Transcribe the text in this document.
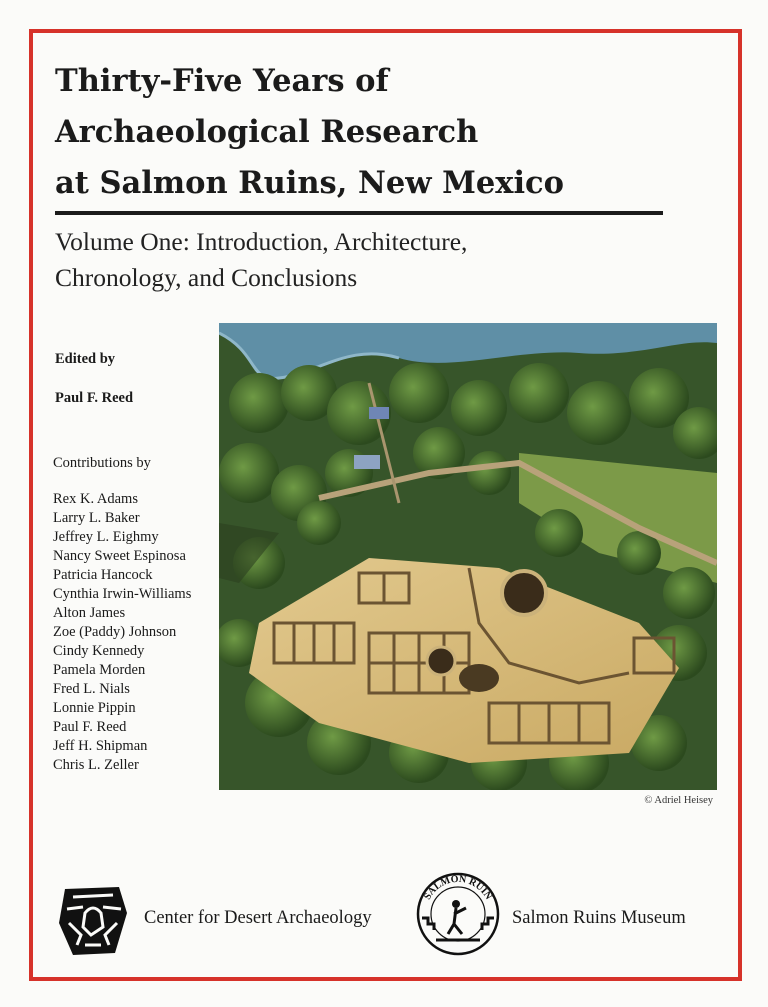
Thirty-Five Years of
Archaeological Research
at Salmon Ruins, New Mexico
Volume One: Introduction, Architecture,
Chronology, and Conclusions
Edited by
Paul F. Reed
Contributions by
Rex K. Adams
Larry L. Baker
Jeffrey L. Eighmy
Nancy Sweet Espinosa
Patricia Hancock
Cynthia Irwin-Williams
Alton James
Zoe (Paddy) Johnson
Cindy Kennedy
Pamela Morden
Fred L. Nials
Lonnie Pippin
Paul F. Reed
Jeff H. Shipman
Chris L. Zeller
© Adriel Heisey
Center for Desert Archaeology
SALMON RUIN
Salmon Ruins Museum
